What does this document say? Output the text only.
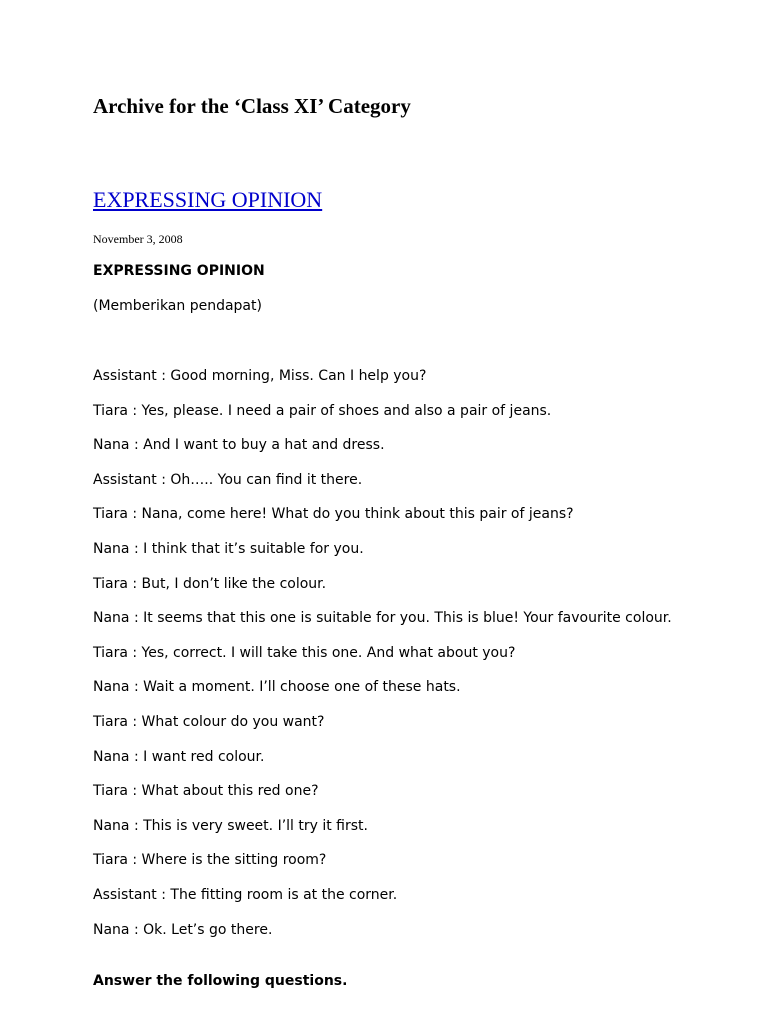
Archive for the ‘Class XI’ Category
EXPRESSING OPINION
November 3, 2008
EXPRESSING OPINION
(Memberikan pendapat)
Assistant : Good morning, Miss. Can I help you?
Tiara : Yes, please. I need a pair of shoes and also a pair of jeans.
Nana : And I want to buy a hat and dress.
Assistant : Oh….. You can find it there.
Tiara : Nana, come here! What do you think about this pair of jeans?
Nana : I think that it’s suitable for you.
Tiara : But, I don’t like the colour.
Nana : It seems that this one is suitable for you. This is blue! Your favourite colour.
Tiara : Yes, correct. I will take this one. And what about you?
Nana : Wait a moment. I’ll choose one of these hats.
Tiara : What colour do you want?
Nana : I want red colour.
Tiara : What about this red one?
Nana : This is very sweet. I’ll try it first.
Tiara : Where is the sitting room?
Assistant : The fitting room is at the corner.
Nana : Ok. Let’s go there.
Answer the following questions.
